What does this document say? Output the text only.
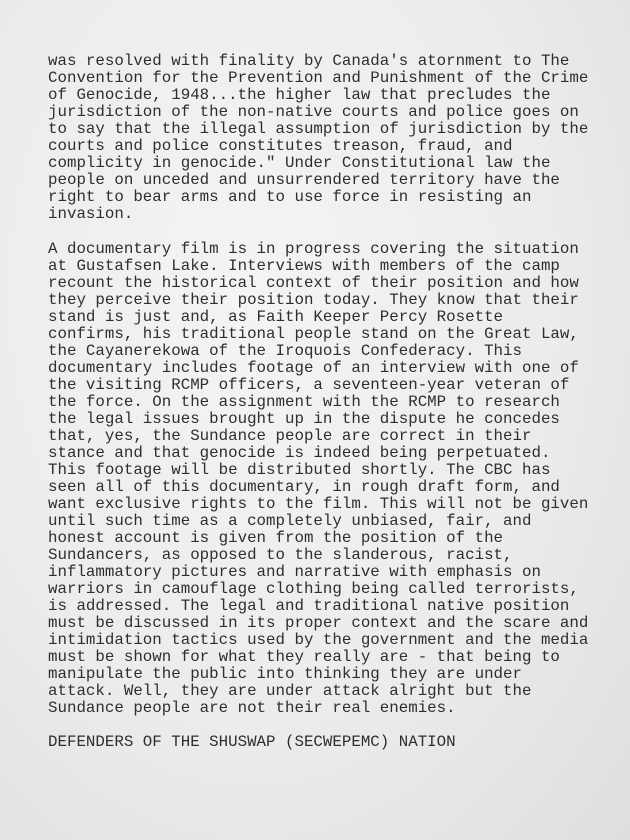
was resolved with finality by Canada's atornment to The
Convention for the Prevention and Punishment of the Crime
of Genocide, 1948...the higher law that precludes the
jurisdiction of the non-native courts and police goes on
to say that the illegal assumption of jurisdiction by the
courts and police constitutes treason, fraud, and
complicity in genocide." Under Constitutional law the
people on unceded and unsurrendered territory have the
right to bear arms and to use force in resisting an
invasion.
A documentary film is in progress covering the situation
at Gustafsen Lake. Interviews with members of the camp
recount the historical context of their position and how
they perceive their position today. They know that their
stand is just and, as Faith Keeper Percy Rosette
confirms, his traditional people stand on the Great Law,
the Cayanerekowa of the Iroquois Confederacy. This
documentary includes footage of an interview with one of
the visiting RCMP officers, a seventeen-year veteran of
the force. On the assignment with the RCMP to research
the legal issues brought up in the dispute he concedes
that, yes, the Sundance people are correct in their
stance and that genocide is indeed being perpetuated.
This footage will be distributed shortly. The CBC has
seen all of this documentary, in rough draft form, and
want exclusive rights to the film. This will not be given
until such time as a completely unbiased, fair, and
honest account is given from the position of the
Sundancers, as opposed to the slanderous, racist,
inflammatory pictures and narrative with emphasis on
warriors in camouflage clothing being called terrorists,
is addressed. The legal and traditional native position
must be discussed in its proper context and the scare and
intimidation tactics used by the government and the media
must be shown for what they really are - that being to
manipulate the public into thinking they are under
attack. Well, they are under attack alright but the
Sundance people are not their real enemies.
DEFENDERS OF THE SHUSWAP (SECWEPEMC) NATION
